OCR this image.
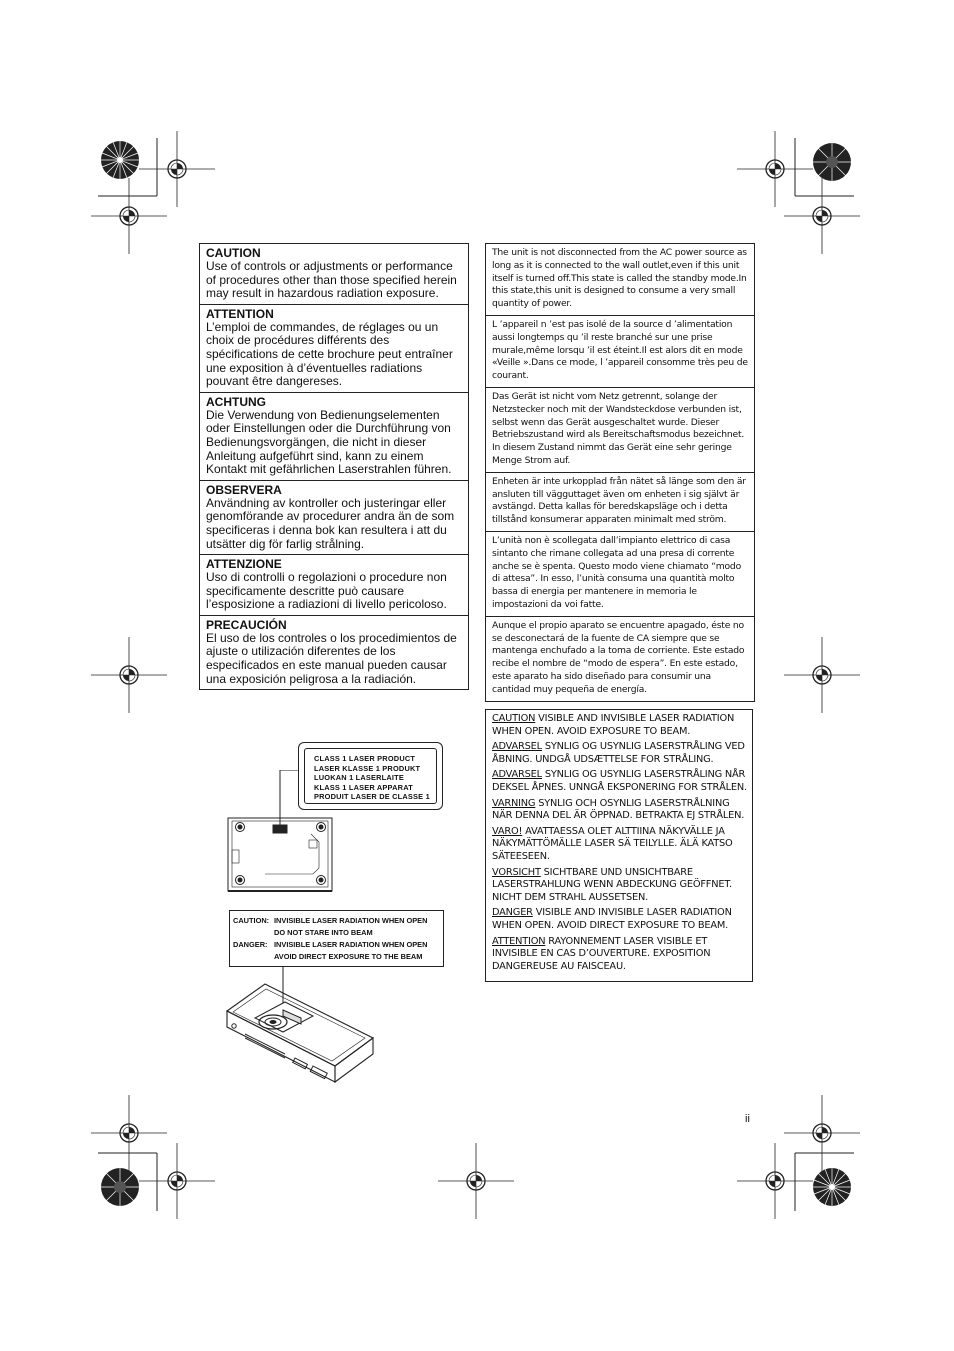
CAUTION
Use of controls or adjustments or performance of procedures other than those specified herein may result in hazardous radiation exposure.
ATTENTION
L’emploi de commandes, de réglages ou un choix de procédures différents des spécifications de cette brochure peut entraîner une exposition à d’éventuelles radiations pouvant être dangereses.
ACHTUNG
Die Verwendung von Bedienungselementen oder Einstellungen oder die Durchführung von Bedienungsvorgängen, die nicht in dieser Anleitung aufgeführt sind, kann zu einem Kontakt mit gefährlichen Laserstrahlen führen.
OBSERVERA
Användning av kontroller och justeringar eller genomförande av procedurer andra än de som specificeras i denna bok kan resultera i att du utsätter dig för farlig strålning.
ATTENZIONE
Uso di controlli o regolazioni o procedure non specificamente descritte può causare l’esposizione a radiazioni di livello pericoloso.
PRECAUCIÓN
El uso de los controles o los procedimientos de ajuste o utilización diferentes de los especificados en este manual pueden causar una exposición peligrosa a la radiación.
The unit is not disconnected from the AC power source as long as it is connected to the wall outlet,even if this unit itself is turned off.This state is called the standby mode.In this state,this unit is designed to consume a very small quantity of power.
L ’appareil n ’est pas isolé de la source d ’alimentation aussi longtemps qu ’il reste branché sur une prise murale,même lorsqu ’il est éteint.Il est alors dit en mode «Veille ».Dans ce mode, l ’appareil consomme très peu de courant.
Das Gerät ist nicht vom Netz getrennt, solange der Netzstecker noch mit der Wandsteckdose verbunden ist, selbst wenn das Gerät ausgeschaltet wurde. Dieser Betriebszustand wird als Bereitschaftsmodus bezeichnet. In diesem Zustand nimmt das Gerät eine sehr geringe Menge Strom auf.
Enheten är inte urkopplad från nätet så länge som den är ansluten till vägguttaget även om enheten i sig självt är avstängd. Detta kallas för beredskapsläge och i detta tillstånd konsumerar apparaten minimalt med ström.
L’unità non è scollegata dall’impianto elettrico di casa sintanto che rimane collegata ad una presa di corrente anche se è spenta. Questo modo viene chiamato “modo di attesa”. In esso, l’unità consuma una quantità molto bassa di energia per mantenere in memoria le impostazioni da voi fatte.
Aunque el propio aparato se encuentre apagado, éste no se desconectará de la fuente de CA siempre que se mantenga enchufado a la toma de corriente. Este estado recibe el nombre de “modo de espera”. En este estado, este aparato ha sido diseñado para consumir una cantidad muy pequeña de energía.
CAUTION VISIBLE AND INVISIBLE LASER RADIATION WHEN OPEN. AVOID EXPOSURE TO BEAM.
ADVARSEL SYNLIG OG USYNLIG LASERSTRÅLING VED ÅBNING. UNDGÅ UDSÆTTELSE FOR STRÅLING.
ADVARSEL SYNLIG OG USYNLIG LASERSTRÅLING NÅR DEKSEL ÅPNES. UNNGÅ EKSPONERING FOR STRÅLEN.
VARNING SYNLIG OCH OSYNLIG LASERSTRÅLNING NÄR DENNA DEL ÄR ÖPPNAD. BETRAKTA EJ STRÅLEN.
VARO! AVATTAESSA OLET ALTTIINA NÄKYVÄLLE JA NÄKYMÄTTÖMÄLLE LASER SÄ TEILYLLE. ÄLÄ KATSO SÄTEESEEN.
VORSICHT SICHTBARE UND UNSICHTBARE LASERSTRAHLUNG WENN ABDECKUNG GEÖFFNET. NICHT DEM STRAHL AUSSETSEN.
DANGER VISIBLE AND INVISIBLE LASER RADIATION WHEN OPEN. AVOID DIRECT EXPOSURE TO BEAM.
ATTENTION RAYONNEMENT LASER VISIBLE ET INVISIBLE EN CAS D’OUVERTURE. EXPOSITION DANGEREUSE AU FAISCEAU.
CLASS 1 LASER PRODUCT
LASER KLASSE 1 PRODUKT
LUOKAN 1 LASERLAITE
KLASS 1 LASER APPARAT
PRODUIT LASER DE CLASSE 1
CAUTION: INVISIBLE LASER RADIATION WHEN OPEN
DO NOT STARE INTO BEAM
DANGER: INVISIBLE LASER RADIATION WHEN OPEN
AVOID DIRECT EXPOSURE TO THE BEAM
ii
